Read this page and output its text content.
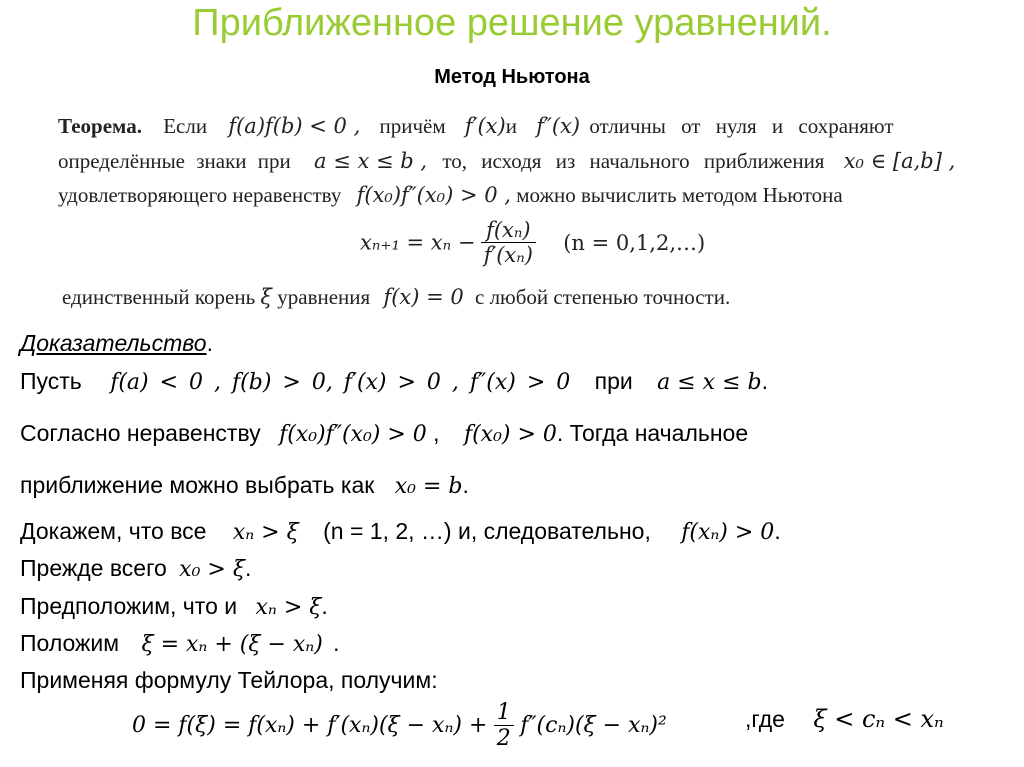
Приближенное решение уравнений.
Метод Ньютона
Теорема. Если f(a)f(b) < 0 , причём f′(x)и f″(x) отличны от нуля и сохраняют
определённые знаки при a ≤ x ≤ b , то, исходя из начального приближения x₀ ∈ [a,b] ,
удовлетворяющего неравенству f(x₀)f″(x₀) > 0 , можно вычислить методом Ньютона
$x_{n+1} = x_n - \frac{\text{f(xₙ)}}{\text{f′(xₙ)}} (n$ = 0,1,2,…)
единственный корень ξ уравнения f(x) = 0 с любой степенью точности.
Доказательство.
Пусть f(a) < 0 , f(b) > 0, f′(x) > 0 , f″(x) > 0 при a ≤ x ≤ b.
Согласно неравенству f(x₀)f″(x₀) > 0 , f(x₀) > 0. Тогда начальное
приближение можно выбрать как x₀ = b.
Докажем, что все xₙ > ξ (n = 1, 2, …) и, следовательно, f(xₙ) > 0.
Прежде всего x₀ > ξ.
Предположим, что и xₙ > ξ.
Положим ξ = xₙ + (ξ − xₙ) .
Применяя формулу Тейлора, получим:
$0 = f(\xi) = f(x_n) + f'(x_n)(\xi - x_n) + \frac{1}{2} f''(c_n)(\xi - x_n)^2$	,где ξ < cₙ < xₙ
